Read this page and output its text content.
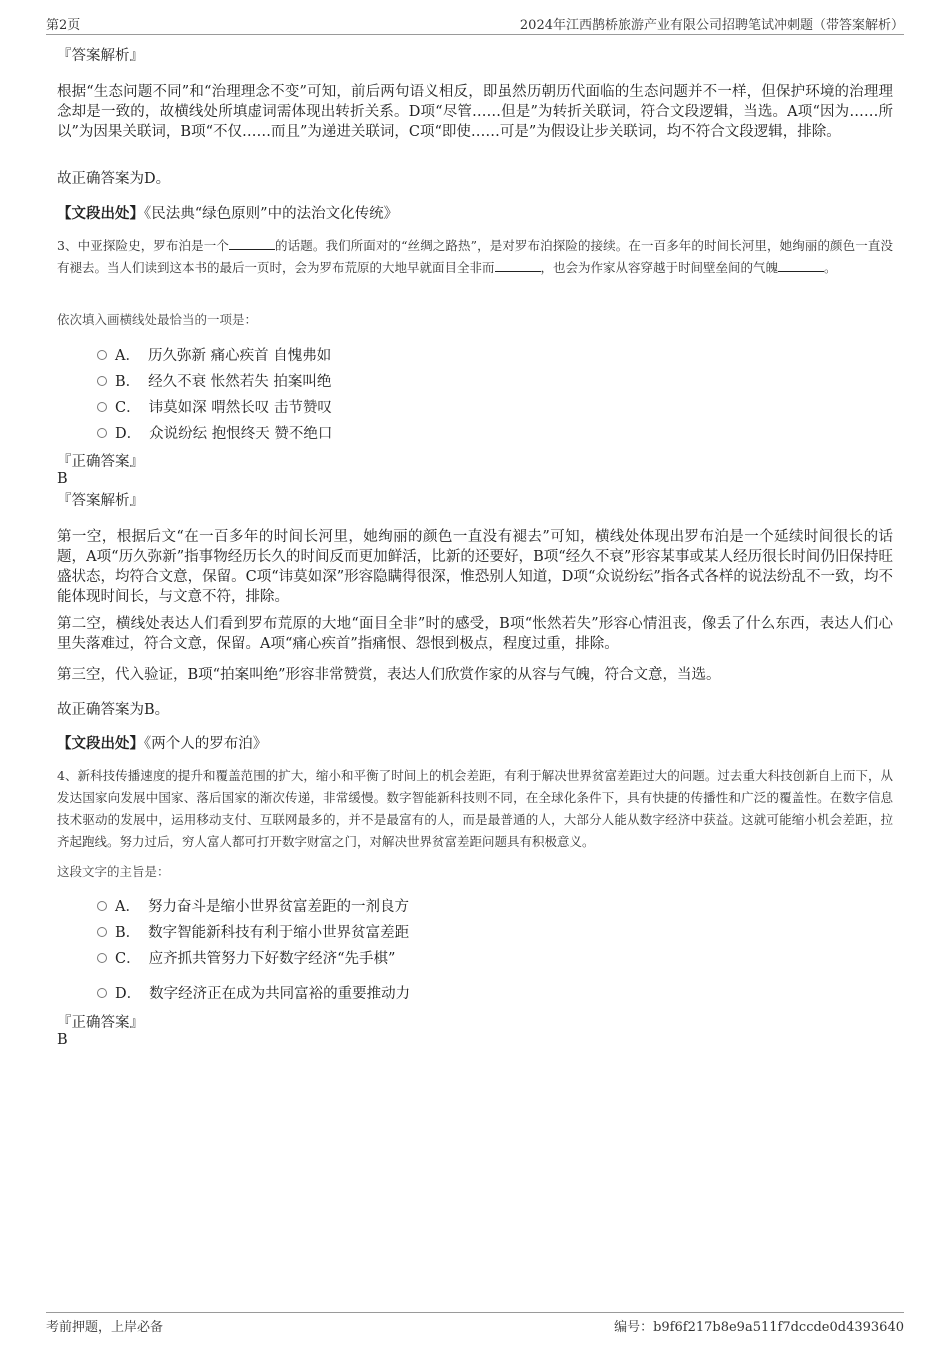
第2页	2024年江西鹊桥旅游产业有限公司招聘笔试冲刺题（带答案解析）
『答案解析』

根据“生态问题不同”和“治理理念不变”可知，前后两句语义相反，即虽然历朝历代面临的生态问题并不一样，但保护环境的治理理念却是一致的，故横线处所填虚词需体现出转折关系。D项“尽管……但是”为转折关联词，符合文段逻辑，当选。A项“因为……所以”为因果关联词，B项“不仅……而且”为递进关联词，C项“即使……可是”为假设让步关联词，均不符合文段逻辑，排除。

故正确答案为D。
【文段出处】《民法典“绿色原则”中的法治文化传统》

3、中亚探险史，罗布泊是一个	的话题。我们所面对的“丝绸之路热”，是对罗布泊探险的接续。在一百多年的时间长河里，她绚丽的颜色一直没有褪去。当人们读到这本书的最后一页时，会为罗布荒原的大地早就面目全非而	，也会为作家从容穿越于时间壁垒间的气魄	。

依次填入画横线处最恰当的一项是：
A． 历久弥新 痛心疾首 自愧弗如
B． 经久不衰 怅然若失 拍案叫绝
C． 讳莫如深 喟然长叹 击节赞叹
D． 众说纷纭 抱恨终天 赞不绝口
『正确答案』
B
『答案解析』

第一空，根据后文“在一百多年的时间长河里，她绚丽的颜色一直没有褪去”可知，横线处体现出罗布泊是一个延续时间很长的话题，A项“历久弥新”指事物经历长久的时间反而更加鲜活，比新的还要好，B项“经久不衰”形容某事或某人经历很长时间仍旧保持旺盛状态，均符合文意，保留。C项“讳莫如深”形容隐瞒得很深，惟恐别人知道，D项“众说纷纭”指各式各样的说法纷乱不一致，均不能体现时间长，与文意不符，排除。

第二空，横线处表达人们看到罗布荒原的大地“面目全非”时的感受，B项“怅然若失”形容心情沮丧，像丢了什么东西，表达人们心里失落难过，符合文意，保留。A项“痛心疾首”指痛恨、怨恨到极点，程度过重，排除。

第三空，代入验证，B项“拍案叫绝”形容非常赞赏，表达人们欣赏作家的从容与气魄，符合文意，当选。

故正确答案为B。
【文段出处】《两个人的罗布泊》

4、新科技传播速度的提升和覆盖范围的扩大，缩小和平衡了时间上的机会差距，有利于解决世界贫富差距过大的问题。过去重大科技创新自上而下，从发达国家向发展中国家、落后国家的渐次传递，非常缓慢。数字智能新科技则不同，在全球化条件下，具有快捷的传播性和广泛的覆盖性。在数字信息技术驱动的发展中，运用移动支付、互联网最多的，并不是最富有的人，而是最普通的人，大部分人能从数字经济中获益。这就可能缩小机会差距，拉齐起跑线。努力过后，穷人富人都可打开数字财富之门，对解决世界贫富差距问题具有积极意义。

这段文字的主旨是：
A． 努力奋斗是缩小世界贫富差距的一剂良方
B． 数字智能新科技有利于缩小世界贫富差距
C． 应齐抓共管努力下好数字经济“先手棋”
D． 数字经济正在成为共同富裕的重要推动力
『正确答案』
B
考前押题，上岸必备	编号：b9f6f217b8e9a511f7dccde0d4393640
